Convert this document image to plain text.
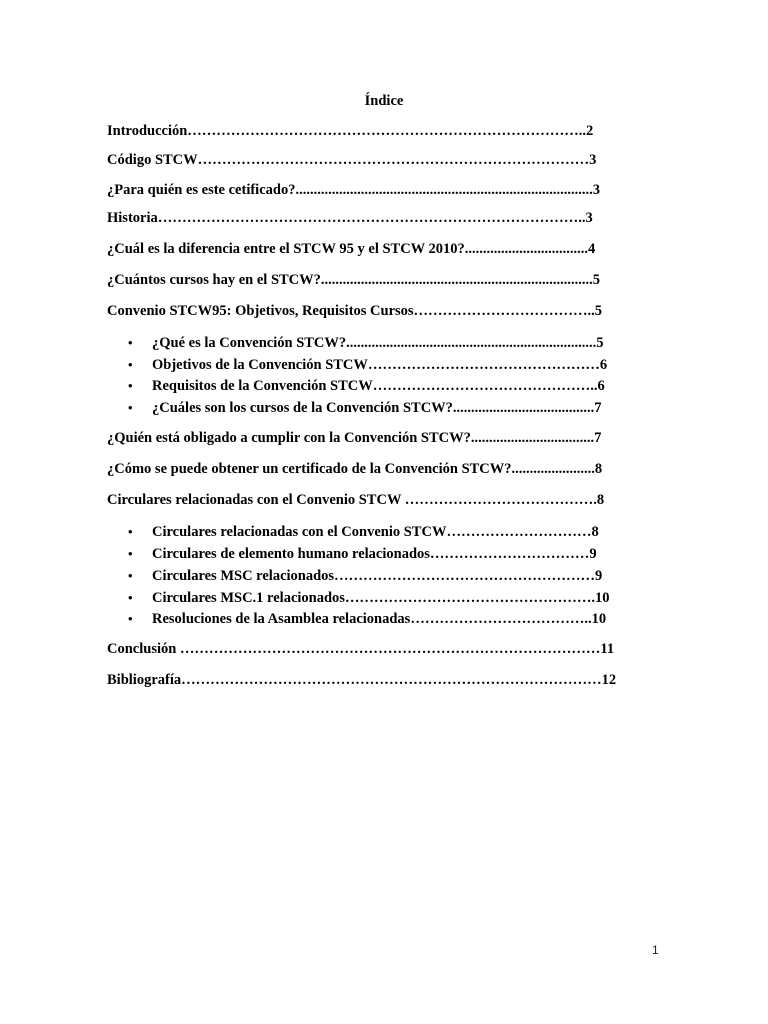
Índice
Introducción………………………………………………………………………..2
Código STCW………………………………………………………………………3
¿Para quién es este cetificado?..................................................................................3
Historia……………………………………………………………………………..3
¿Cuál es la diferencia entre el STCW 95 y el STCW 2010?..................................4
¿Cuántos cursos hay en el STCW?...........................................................................5
Convenio STCW95: Objetivos, Requisitos Cursos………………………………..5
• ¿Qué es la Convención STCW?.....................................................................5
• Objetivos de la Convención STCW…………………………………………6
• Requisitos de la Convención STCW………………………………………..6
• ¿Cuáles son los cursos de la Convención STCW?.......................................7
¿Quién está obligado a cumplir con la Convención STCW?..................................7
¿Cómo se puede obtener un certificado de la Convención STCW?.......................8
Circulares relacionadas con el Convenio STCW ………………………………….8
• Circulares relacionadas con el Convenio STCW…………………………8
• Circulares de elemento humano relacionados……………………………9
• Circulares MSC relacionados………………………………………………9
• Circulares MSC.1 relacionados…………………………………………….10
• Resoluciones de la Asamblea relacionadas………………………………..10
Conclusión ……………………………………………………………………………11
Bibliografía……………………………………………………………………………12
1
